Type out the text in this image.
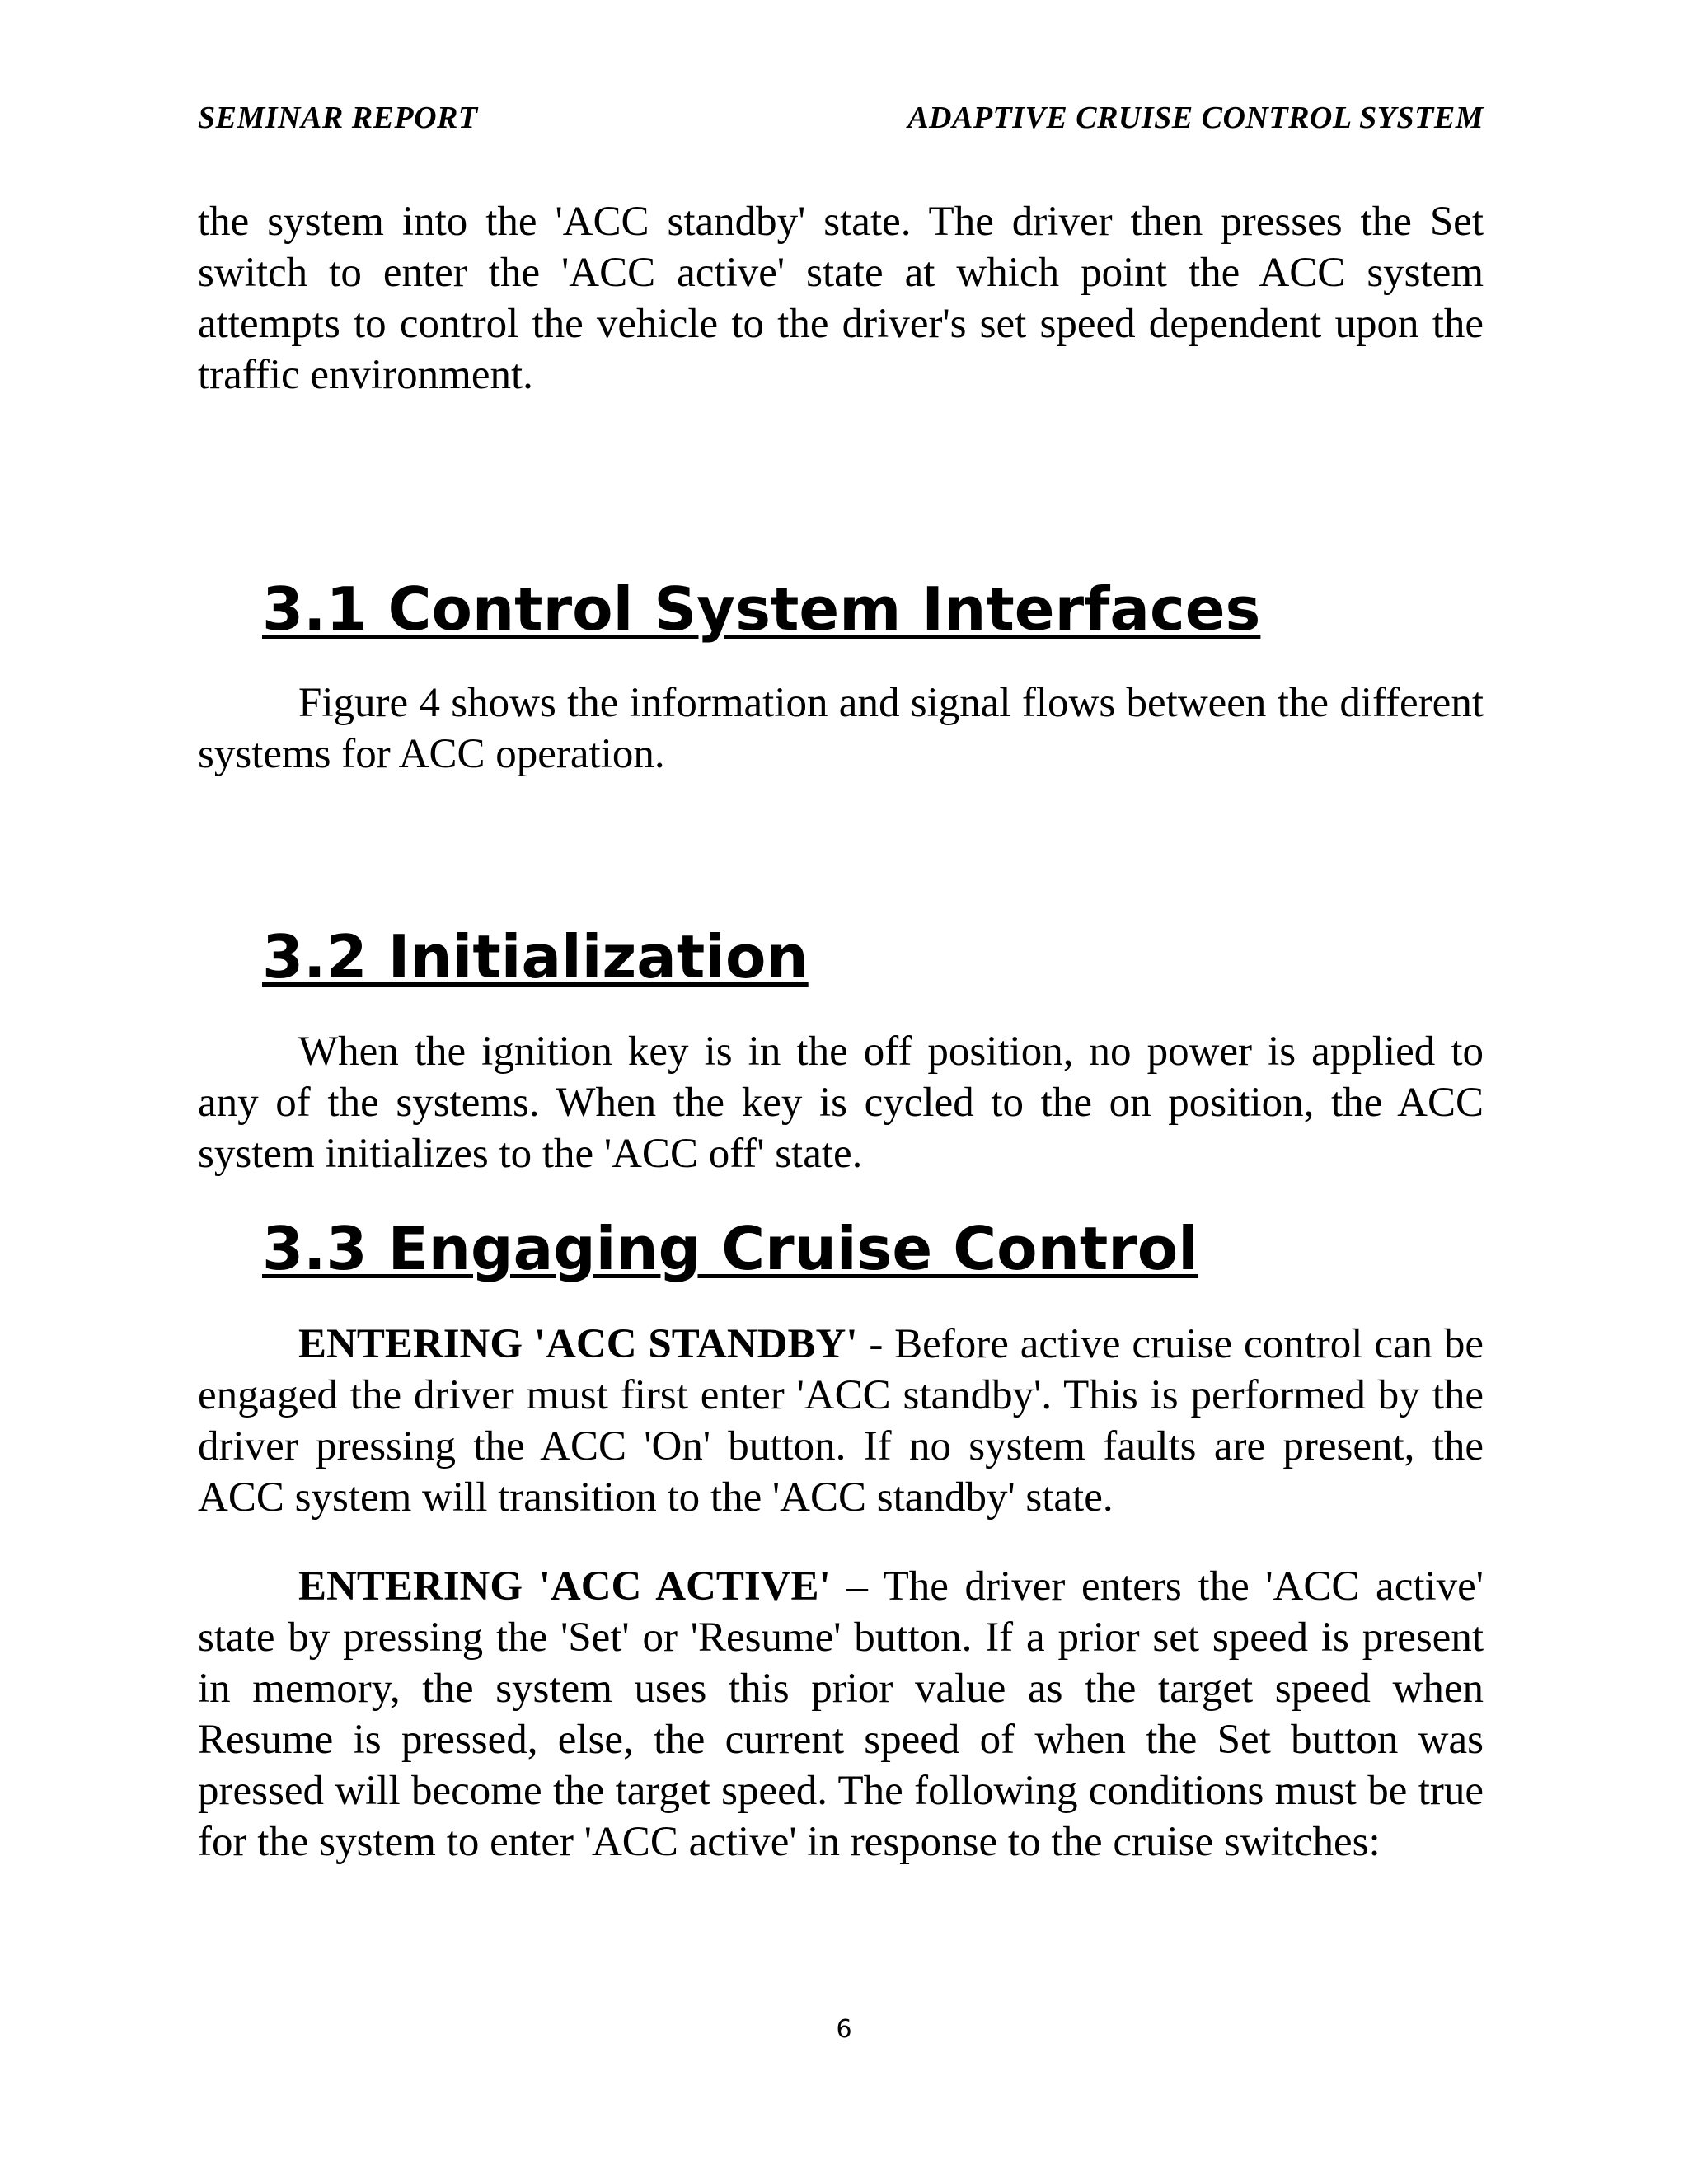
SEMINAR REPORT	ADAPTIVE CRUISE CONTROL SYSTEM

the system into the 'ACC standby' state. The driver then presses the Set switch to enter the 'ACC active' state at which point the ACC system attempts to control the vehicle to the driver's set speed dependent upon the traffic environment.

3.1 Control System Interfaces

Figure 4 shows the information and signal flows between the different systems for ACC operation.

3.2 Initialization

When the ignition key is in the off position, no power is applied to any of the systems. When the key is cycled to the on position, the ACC system initializes to the 'ACC off' state.

3.3 Engaging Cruise Control

ENTERING 'ACC STANDBY' - Before active cruise control can be engaged the driver must first enter 'ACC standby'. This is performed by the driver pressing the ACC 'On' button. If no system faults are present, the ACC system will transition to the 'ACC standby' state.

ENTERING 'ACC ACTIVE' – The driver enters the 'ACC active' state by pressing the 'Set' or 'Resume' button. If a prior set speed is present in memory, the system uses this prior value as the target speed when Resume is pressed, else, the current speed of when the Set button was pressed will become the target speed. The following conditions must be true for the system to enter 'ACC active' in response to the cruise switches:

6
